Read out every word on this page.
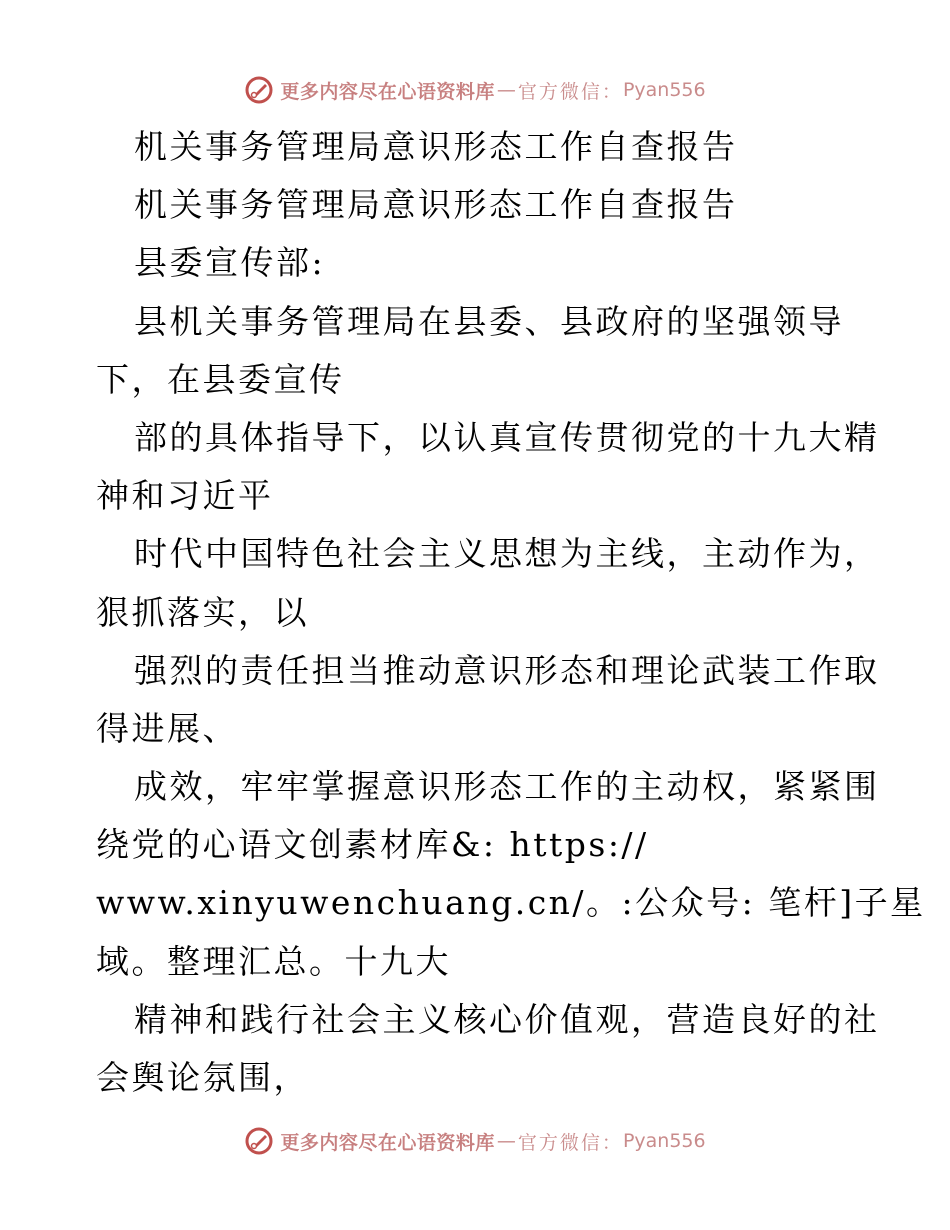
更多内容尽在心语资料库 — 官方微信： Pyan556
机关事务管理局意识形态工作自查报告
机关事务管理局意识形态工作自查报告
县委宣传部:
县机关事务管理局在县委、县政府的坚强领导
下，在县委宣传
部的具体指导下，以认真宣传贯彻党的十九大精
神和习近平
时代中国特色社会主义思想为主线，主动作为，
狠抓落实，以
强烈的责任担当推动意识形态和理论武装工作取
得进展、
成效，牢牢掌握意识形态工作的主动权，紧紧围
绕党的心语文创素材库&: https://
www.xinyuwenchuang.cn/。:公众号: 笔杆]子星
域。整理汇总。十九大
精神和践行社会主义核心价值观，营造良好的社
会舆论氛围，
更多内容尽在心语资料库 — 官方微信： Pyan556
